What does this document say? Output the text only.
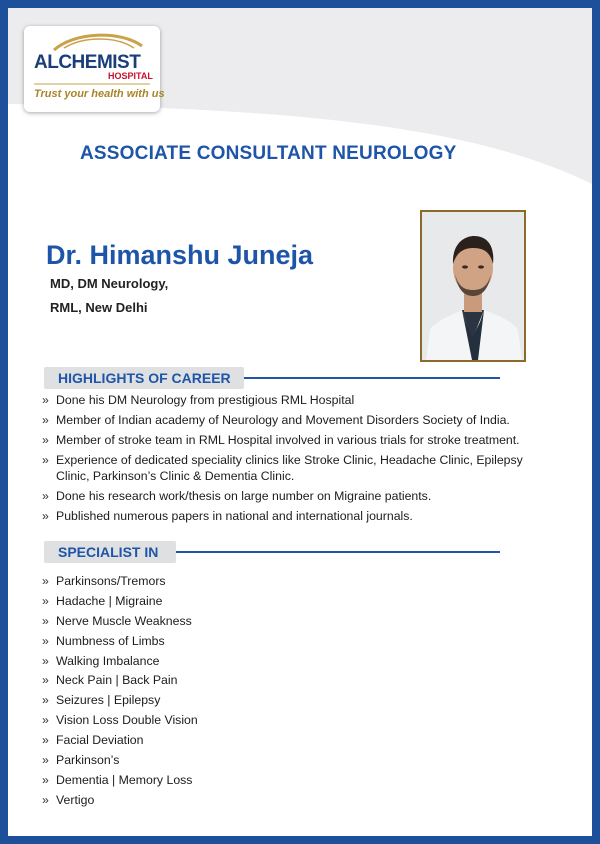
ALCHEMIST
HOSPITAL
Trust your health with us
ASSOCIATE CONSULTANT NEUROLOGY
Dr. Himanshu Juneja
MD, DM Neurology,
RML, New Delhi
HIGHLIGHTS OF CAREER
» Done his DM Neurology from prestigious RML Hospital
» Member of Indian academy of Neurology and Movement Disorders Society of India.
» Member of stroke team in RML Hospital involved in various trials for stroke treatment.
» Experience of dedicated speciality clinics like Stroke Clinic, Headache Clinic, Epilepsy
Clinic, Parkinson’s Clinic & Dementia Clinic.
» Done his research work/thesis on large number on Migraine patients.
» Published numerous papers in national and international journals.
SPECIALIST IN
» Parkinsons/Tremors
» Hadache | Migraine
» Nerve Muscle Weakness
» Numbness of Limbs
» Walking Imbalance
» Neck Pain | Back Pain
» Seizures | Epilepsy
» Vision Loss Double Vision
» Facial Deviation
» Parkinson’s
» Dementia | Memory Loss
» Vertigo
